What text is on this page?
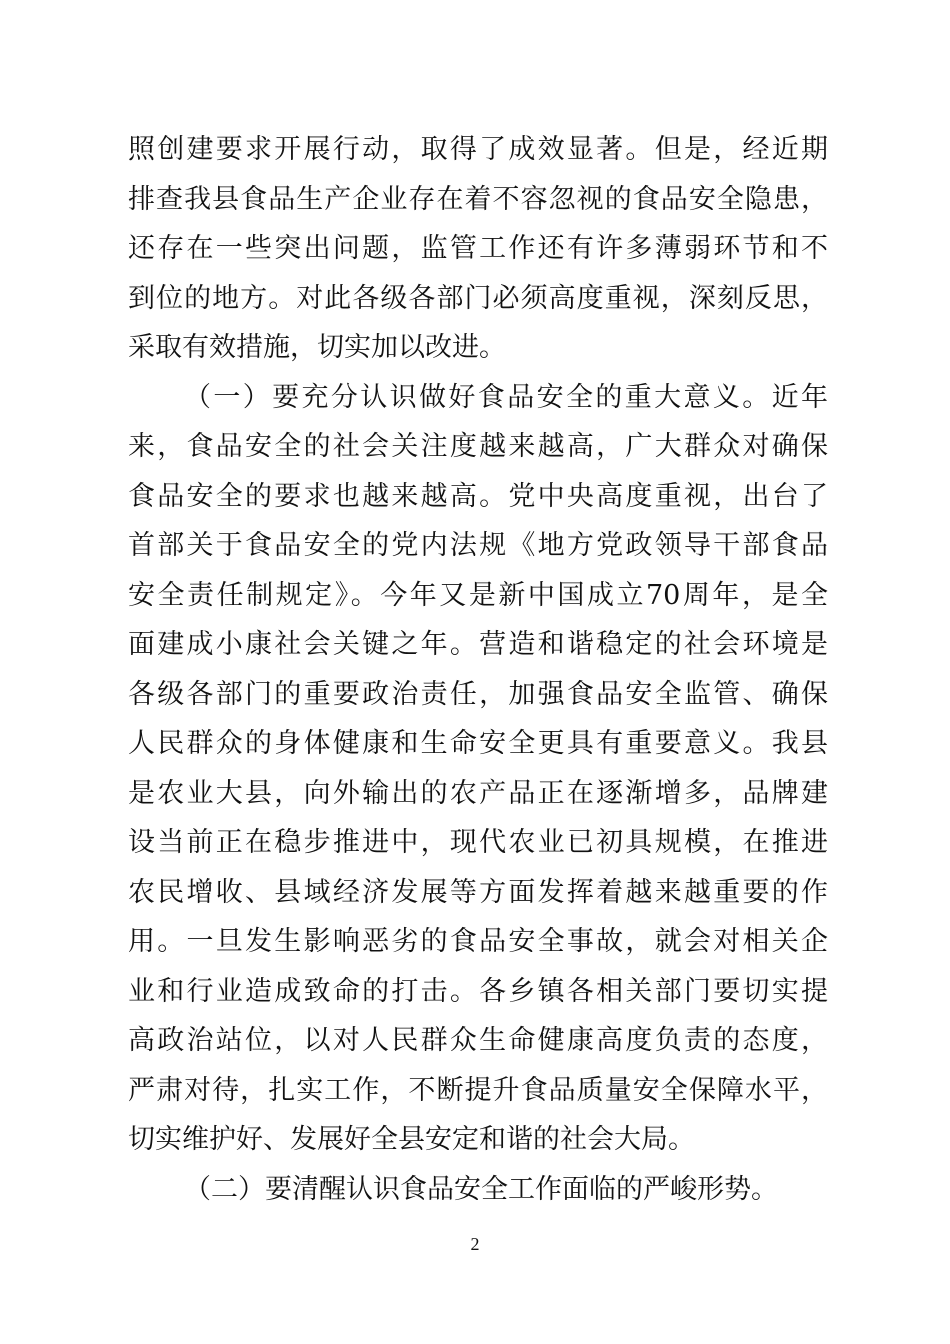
照创建要求开展行动，取得了成效显著。但是，经近期
排查我县食品生产企业存在着不容忽视的食品安全隐患，
还存在一些突出问题，监管工作还有许多薄弱环节和不
到位的地方。对此各级各部门必须高度重视，深刻反思，
采取有效措施，切实加以改进。
（一）要充分认识做好食品安全的重大意义。近年
来，食品安全的社会关注度越来越高，广大群众对确保
食品安全的要求也越来越高。党中央高度重视，出台了
首部关于食品安全的党内法规《地方党政领导干部食品
安全责任制规定》。今年又是新中国成立70周年，是全
面建成小康社会关键之年。营造和谐稳定的社会环境是
各级各部门的重要政治责任，加强食品安全监管、确保
人民群众的身体健康和生命安全更具有重要意义。我县
是农业大县，向外输出的农产品正在逐渐增多，品牌建
设当前正在稳步推进中，现代农业已初具规模，在推进
农民增收、县域经济发展等方面发挥着越来越重要的作
用。一旦发生影响恶劣的食品安全事故，就会对相关企
业和行业造成致命的打击。各乡镇各相关部门要切实提
高政治站位，以对人民群众生命健康高度负责的态度，
严肃对待，扎实工作，不断提升食品质量安全保障水平，
切实维护好、发展好全县安定和谐的社会大局。
（二）要清醒认识食品安全工作面临的严峻形势。
2
